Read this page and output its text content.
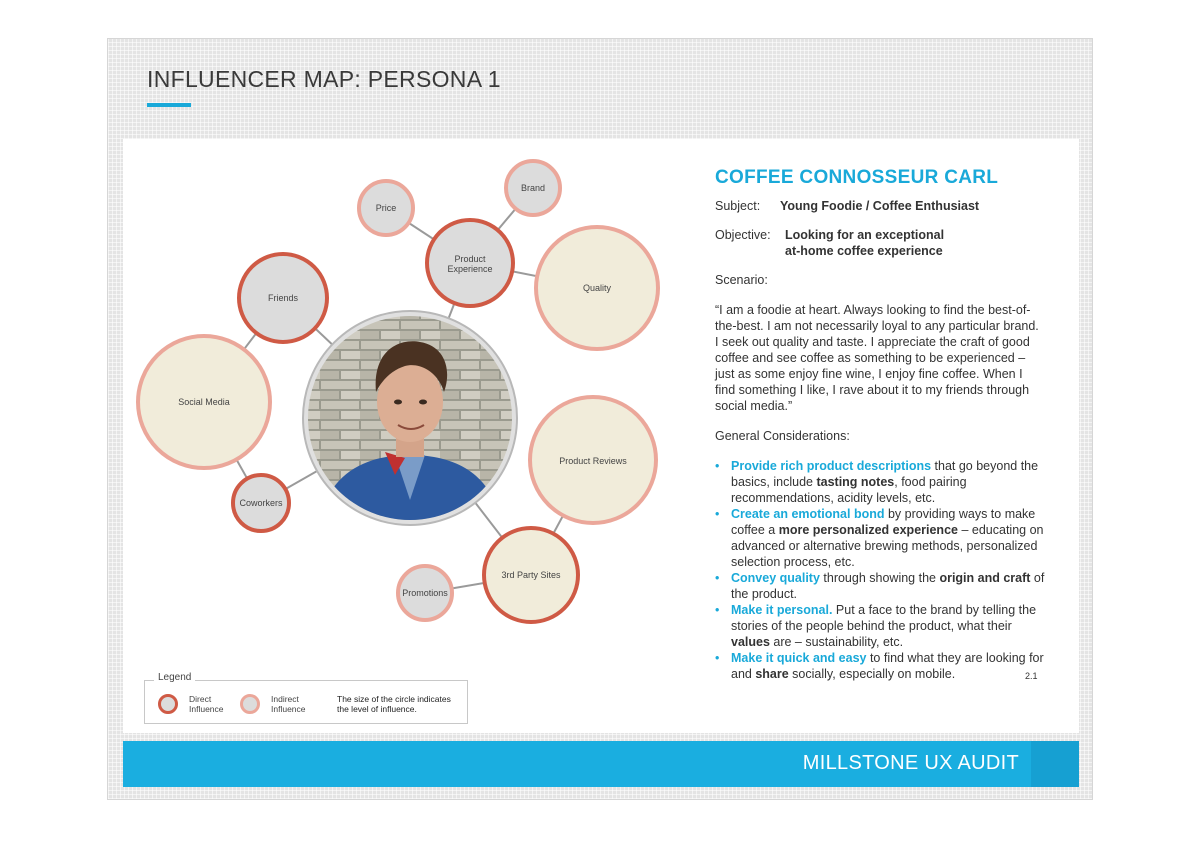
INFLUENCER MAP: PERSONA 1
Price
Brand
Product
Experience
Quality
Friends
Social Media
Coworkers
Product Reviews
3rd Party Sites
Promotions
COFFEE CONNOSSEUR CARL
Subject:	Young Foodie / Coffee Enthusiast
Objective:	Looking for an exceptional
at-home coffee experience
Scenario:
“I am a foodie at heart. Always looking to find the best-of-the-best. I am not necessarily loyal to any particular brand. I seek out quality and taste. I appreciate the craft of good coffee and see coffee as something to be experienced – just as some enjoy fine wine, I enjoy fine coffee. When I find something I like, I rave about it to my friends through social media.”
General Considerations:
• Provide rich product descriptions that go beyond the basics, include tasting notes, food pairing recommendations, acidity levels, etc.
• Create an emotional bond by providing ways to make coffee a more personalized experience – educating on advanced or alternative brewing methods, personalized selection process, etc.
• Convey quality through showing the origin and craft of the product.
• Make it personal. Put a face to the brand by telling the stories of the people behind the product, what their values are – sustainability, etc.
• Make it quick and easy to find what they are looking for and share socially, especially on mobile.	2.1
Legend
Direct
Influence
Indirect
Influence
The size of the circle indicates
the level of influence.
MILLSTONE UX AUDIT
